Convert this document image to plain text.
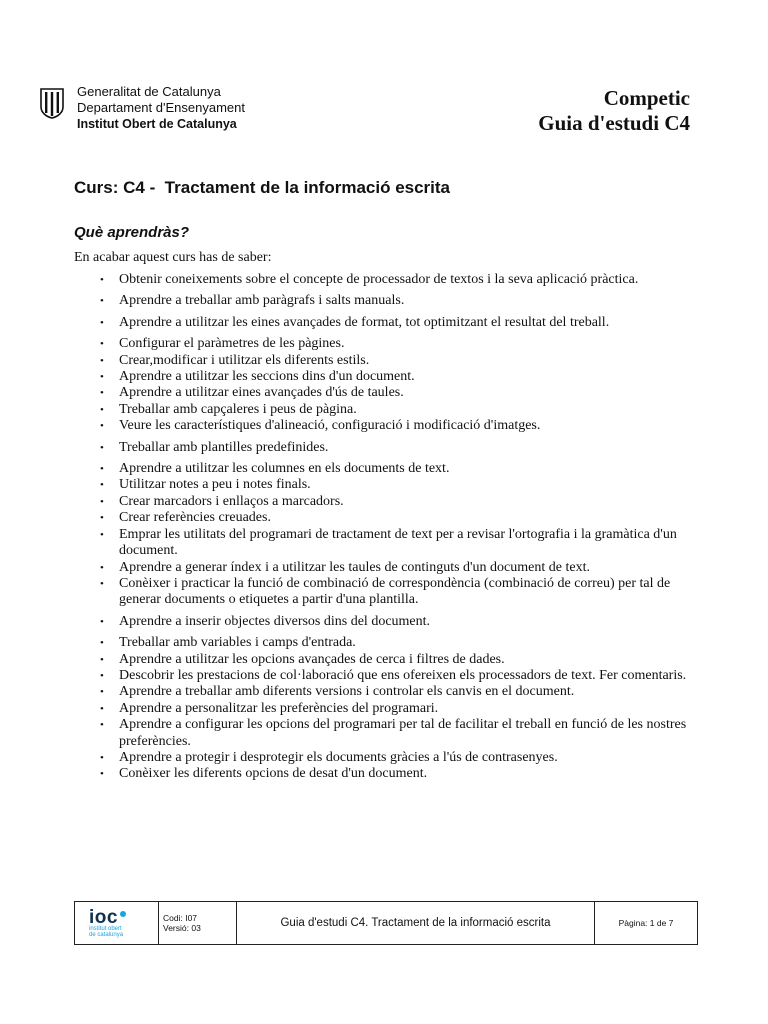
Generalitat de Catalunya
Departament d'Ensenyament
Institut Obert de Catalunya
Competic
Guia d'estudi C4
Curs: C4 -  Tractament de la informació escrita
Què aprendràs?
En acabar aquest curs has de saber:
• Obtenir coneixements sobre el concepte de processador de textos i la seva aplicació pràctica.
• Aprendre a treballar amb paràgrafs i salts manuals.
• Aprendre a utilitzar les eines avançades de format, tot optimitzant el resultat del treball.
• Configurar el paràmetres de les pàgines.
• Crear,modificar i utilitzar els diferents estils.
• Aprendre a utilitzar les seccions dins d'un document.
• Aprendre a utilitzar eines avançades d'ús de taules.
• Treballar amb capçaleres i peus de pàgina.
• Veure les característiques d'alineació, configuració i modificació d'imatges.
• Treballar amb plantilles predefinides.
• Aprendre a utilitzar les columnes en els documents de text.
• Utilitzar notes a peu i notes finals.
• Crear marcadors i enllaços a marcadors.
• Crear referències creuades.
• Emprar les utilitats del programari de tractament de text per a revisar l'ortografia i la gramàtica d'un document.
• Aprendre a generar índex i a utilitzar les taules de continguts d'un document de text.
• Conèixer i practicar la funció de combinació de correspondència (combinació de correu) per tal de generar documents o etiquetes a partir d'una plantilla.
• Aprendre a inserir objectes diversos dins del document.
• Treballar amb variables i camps d'entrada.
• Aprendre a utilitzar les opcions avançades de cerca i filtres de dades.
• Descobrir les prestacions de col·laboració que ens ofereixen els processadors de text. Fer comentaris.
• Aprendre a treballar amb diferents versions i controlar els canvis en el document.
• Aprendre a personalitzar les preferències del programari.
• Aprendre a configurar les opcions del programari per tal de facilitar el treball en funció de les nostres preferències.
• Aprendre a protegir i desprotegir els documents gràcies a l'ús de contrasenyes.
• Conèixer les diferents opcions de desat d'un document.
ioc
institut obert
de catalunya
Codi: I07
Versió: 03	Guia d'estudi C4. Tractament de la informació escrita	Pàgina: 1 de 7
